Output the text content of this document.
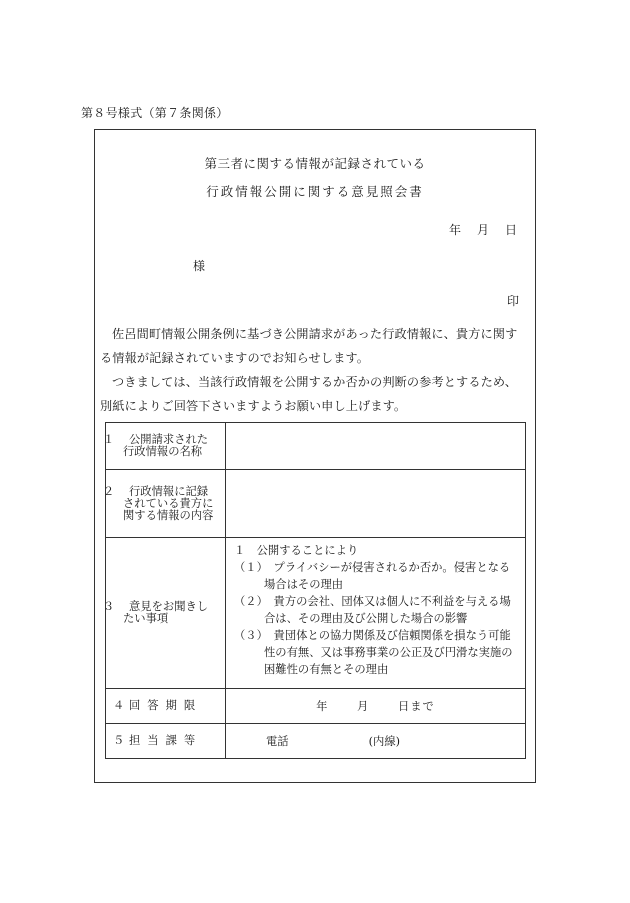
第８号様式（第７条関係）
第三者に関する情報が記録されている
行政情報公開に関する意見照会書
年 月 日
様
印
佐呂間町情報公開条例に基づき公開請求があった行政情報に、貴方に関する情報が記録されていますのでお知らせします。
つきましては、当該行政情報を公開するか否かの判断の参考とするため、別紙によりご回答下さいますようお願い申し上げます。
１ 公開請求された行政情報の名称	

２ 行政情報に記録されている貴方に関する情報の内容	

３ 意見をお聞きしたい事項	１　公開することにより
（１）　プライバシーが侵害されるか否か。侵害となる場合はその理由
（２）　貴方の会社、団体又は個人に不利益を与える場合は、その理由及び公開した場合の影響
（３）　貴団体との協力関係及び信頼関係を損なう可能性の有無、又は事務事業の公正及び円滑な実施の困難性の有無とその理由

４ 回答期限	年 月 日まで
５ 担当課等	電話 (内線)
